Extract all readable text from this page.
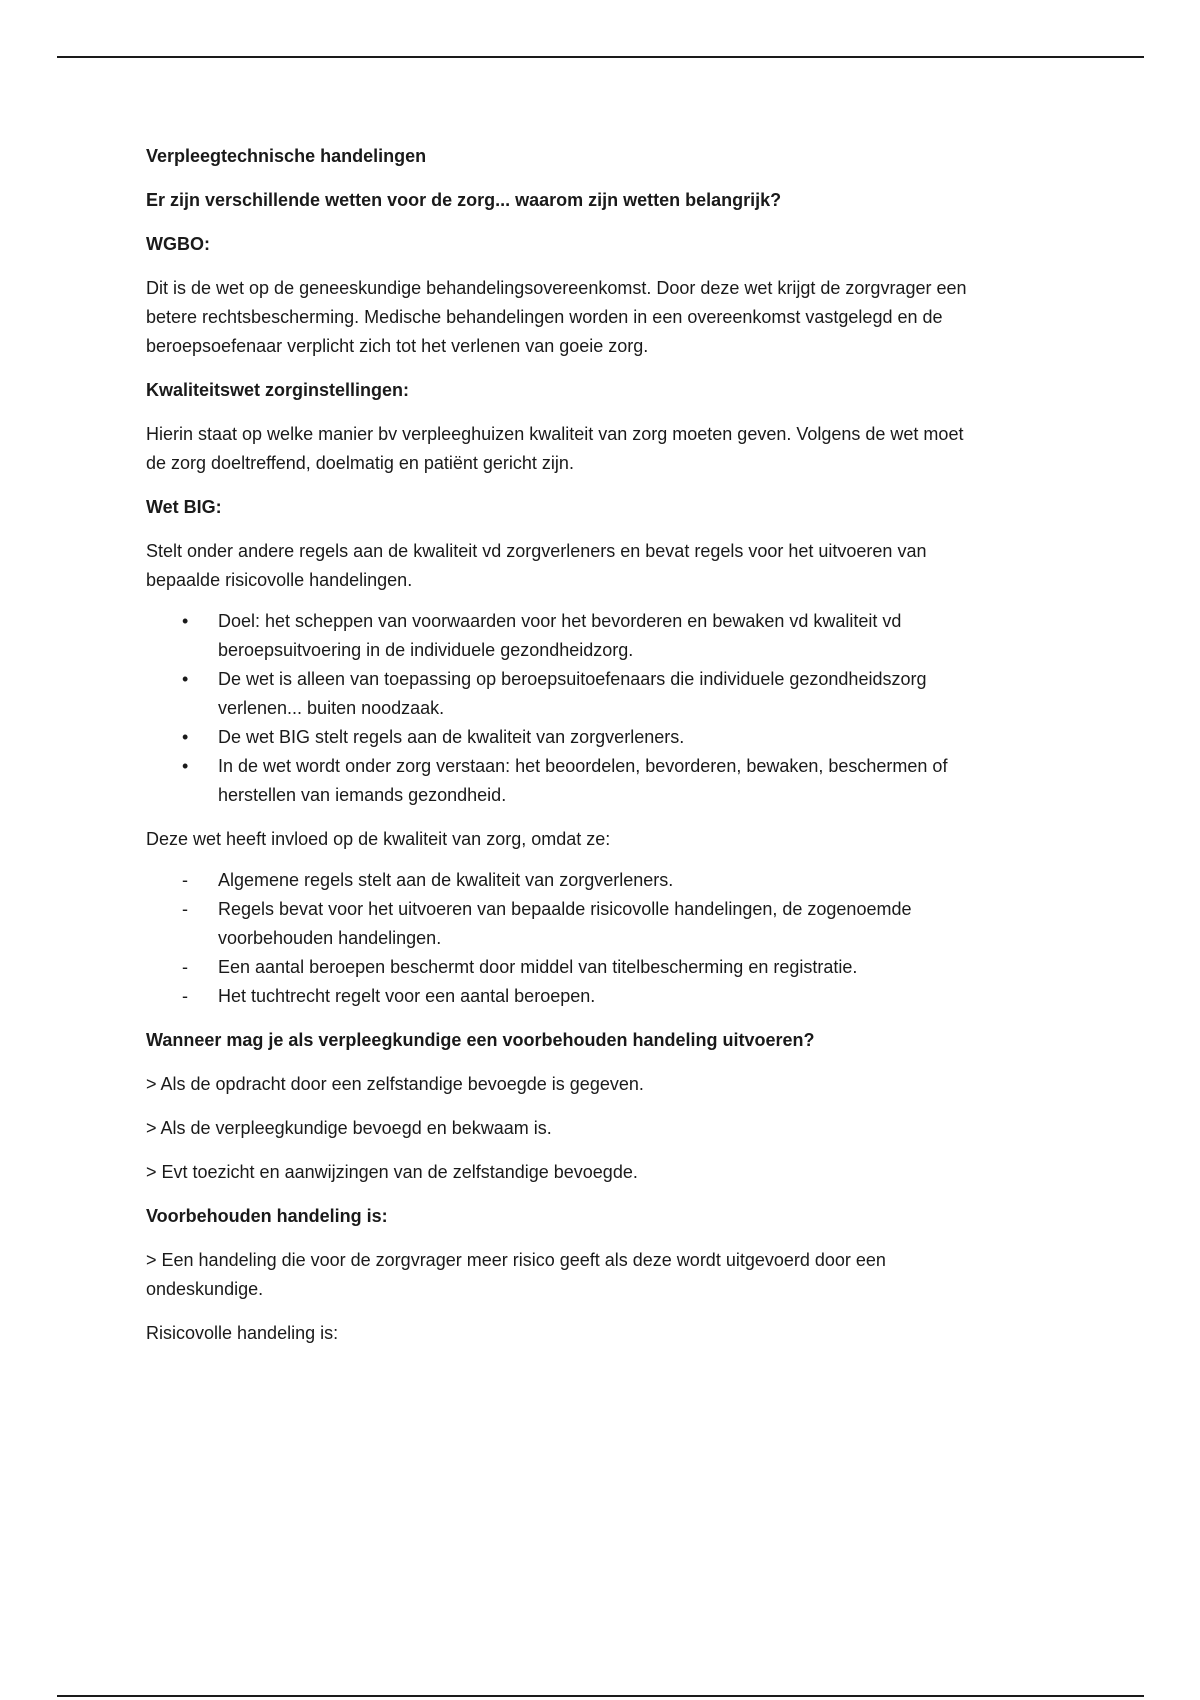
Verpleegtechnische handelingen

Er zijn verschillende wetten voor de zorg... waarom zijn wetten belangrijk?

WGBO:

Dit is de wet op de geneeskundige behandelingsovereenkomst. Door deze wet krijgt de zorgvrager een

betere rechtsbescherming. Medische behandelingen worden in een overeenkomst vastgelegd en de

beroepsoefenaar verplicht zich tot het verlenen van goeie zorg.

Kwaliteitswet zorginstellingen:

Hierin staat op welke manier bv verpleeghuizen kwaliteit van zorg moeten geven. Volgens de wet moet

de zorg doeltreffend, doelmatig en patiënt gericht zijn.

Wet BIG:

Stelt onder andere regels aan de kwaliteit vd zorgverleners en bevat regels voor het uitvoeren van

bepaalde risicovolle handelingen.

•
Doel: het scheppen van voorwaarden voor het bevorderen en bewaken vd kwaliteit vd
beroepsuitvoering in de individuele gezondheidzorg.
•
De wet is alleen van toepassing op beroepsuitoefenaars die individuele gezondheidszorg
verlenen... buiten noodzaak.
•
De wet BIG stelt regels aan de kwaliteit van zorgverleners.
•
In de wet wordt onder zorg verstaan: het beoordelen, bevorderen, bewaken, beschermen of
herstellen van iemands gezondheid.

Deze wet heeft invloed op de kwaliteit van zorg, omdat ze:

-
Algemene regels stelt aan de kwaliteit van zorgverleners.
-
Regels bevat voor het uitvoeren van bepaalde risicovolle handelingen, de zogenoemde
voorbehouden handelingen.
-
Een aantal beroepen beschermt door middel van titelbescherming en registratie.
-
Het tuchtrecht regelt voor een aantal beroepen.

Wanneer mag je als verpleegkundige een voorbehouden handeling uitvoeren?

> Als de opdracht door een zelfstandige bevoegde is gegeven.

> Als de verpleegkundige bevoegd en bekwaam is.

> Evt toezicht en aanwijzingen van de zelfstandige bevoegde.

Voorbehouden handeling is:

> Een handeling die voor de zorgvrager meer risico geeft als deze wordt uitgevoerd door een

ondeskundige.

Risicovolle handeling is:
